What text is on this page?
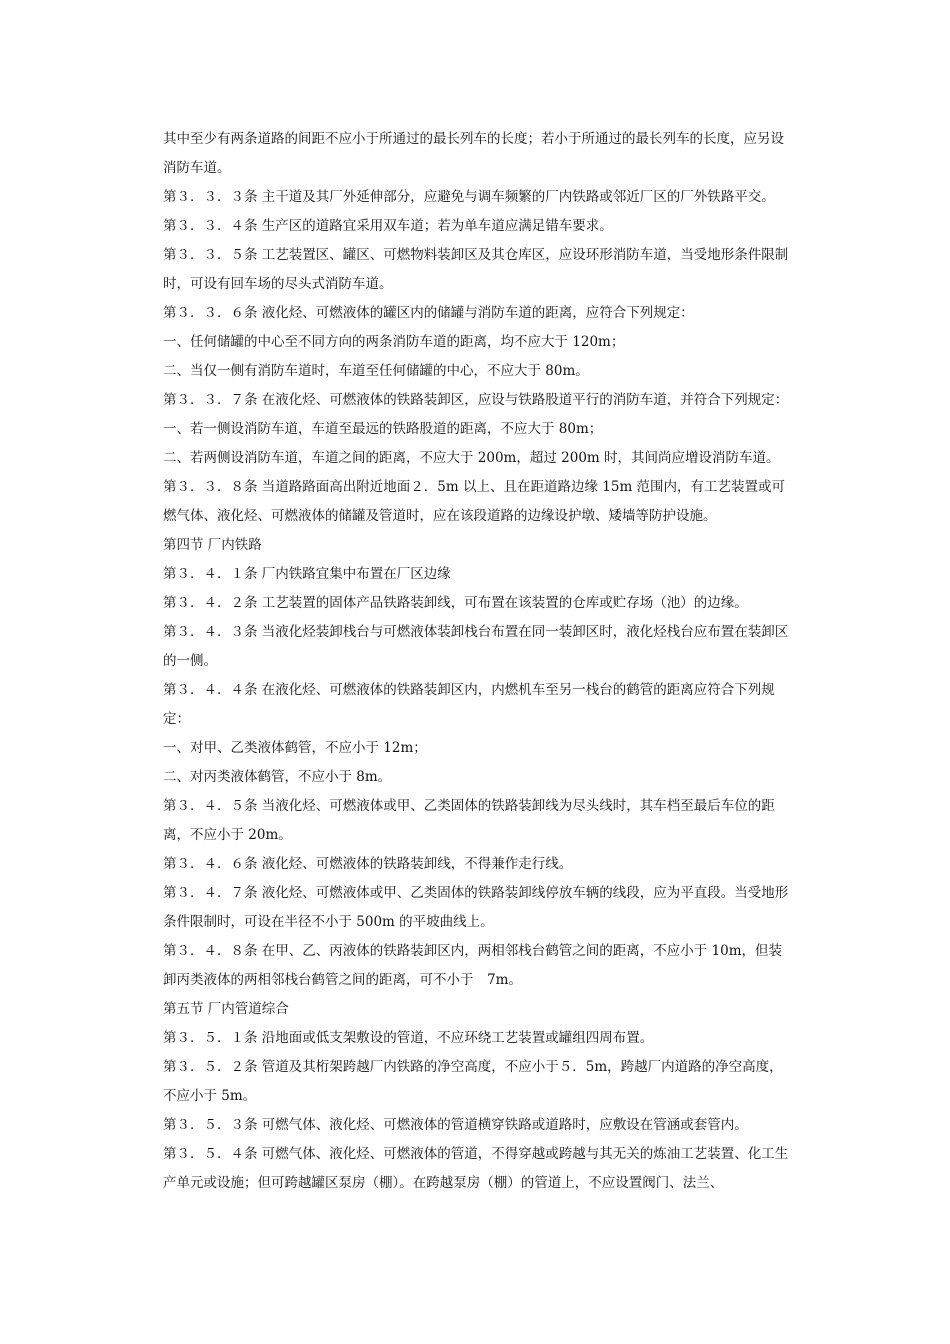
其中至少有两条道路的间距不应小于所通过的最长列车的长度；若小于所通过的最长列车的长度，应另设消防车道。

第３．３．３条 主干道及其厂外延伸部分，应避免与调车频繁的厂内铁路或邻近厂区的厂外铁路平交。

第３．３．４条 生产区的道路宜采用双车道；若为单车道应满足错车要求。

第３．３．５条 工艺装置区、罐区、可燃物料装卸区及其仓库区，应设环形消防车道，当受地形条件限制时，可设有回车场的尽头式消防车道。

第３．３．６条 液化烃、可燃液体的罐区内的储罐与消防车道的距离，应符合下列规定：

一、任何储罐的中心至不同方向的两条消防车道的距离，均不应大于 120m；

二、当仅一侧有消防车道时，车道至任何储罐的中心，不应大于 80m。

第３．３．７条 在液化烃、可燃液体的铁路装卸区，应设与铁路股道平行的消防车道，并符合下列规定：

一、若一侧设消防车道，车道至最远的铁路股道的距离，不应大于 80m；

二、若两侧设消防车道，车道之间的距离，不应大于 200m，超过 200m 时，其间尚应增设消防车道。

第３．３．８条 当道路路面高出附近地面２．5m 以上、且在距道路边缘 15m 范围内，有工艺装置或可燃气体、液化烃、可燃液体的储罐及管道时，应在该段道路的边缘设护墩、矮墙等防护设施。

第四节 厂内铁路

第３．４．１条 厂内铁路宜集中布置在厂区边缘

第３．４．２条 工艺装置的固体产品铁路装卸线，可布置在该装置的仓库或贮存场（池）的边缘。

第３．４．３条 当液化烃装卸栈台与可燃液体装卸栈台布置在同一装卸区时，液化烃栈台应布置在装卸区的一侧。

第３．４．４条 在液化烃、可燃液体的铁路装卸区内，内燃机车至另一栈台的鹤管的距离应符合下列规定：

一、对甲、乙类液体鹤管，不应小于 12m；

二、对丙类液体鹤管，不应小于 8m。

第３．４．５条 当液化烃、可燃液体或甲、乙类固体的铁路装卸线为尽头线时，其车档至最后车位的距离，不应小于 20m。

第３．４．６条 液化烃、可燃液体的铁路装卸线，不得兼作走行线。

第３．４．７条 液化烃、可燃液体或甲、乙类固体的铁路装卸线停放车辆的线段，应为平直段。当受地形条件限制时，可设在半径不小于 500m 的平坡曲线上。

第３．４．８条 在甲、乙、丙液体的铁路装卸区内，两相邻栈台鹤管之间的距离，不应小于 10m，但装卸丙类液体的两相邻栈台鹤管之间的距离，可不小于　7m。

第五节 厂内管道综合

第３．５．１条 沿地面或低支架敷设的管道，不应环绕工艺装置或罐组四周布置。

第３．５．２条 管道及其桁架跨越厂内铁路的净空高度，不应小于５．5m，跨越厂内道路的净空高度，不应小于 5m。

第３．５．３条 可燃气体、液化烃、可燃液体的管道横穿铁路或道路时，应敷设在管涵或套管内。

第３．５．４条 可燃气体、液化烃、可燃液体的管道，不得穿越或跨越与其无关的炼油工艺装置、化工生产单元或设施；但可跨越罐区泵房（棚）。在跨越泵房（棚）的管道上，不应设置阀门、法兰、
